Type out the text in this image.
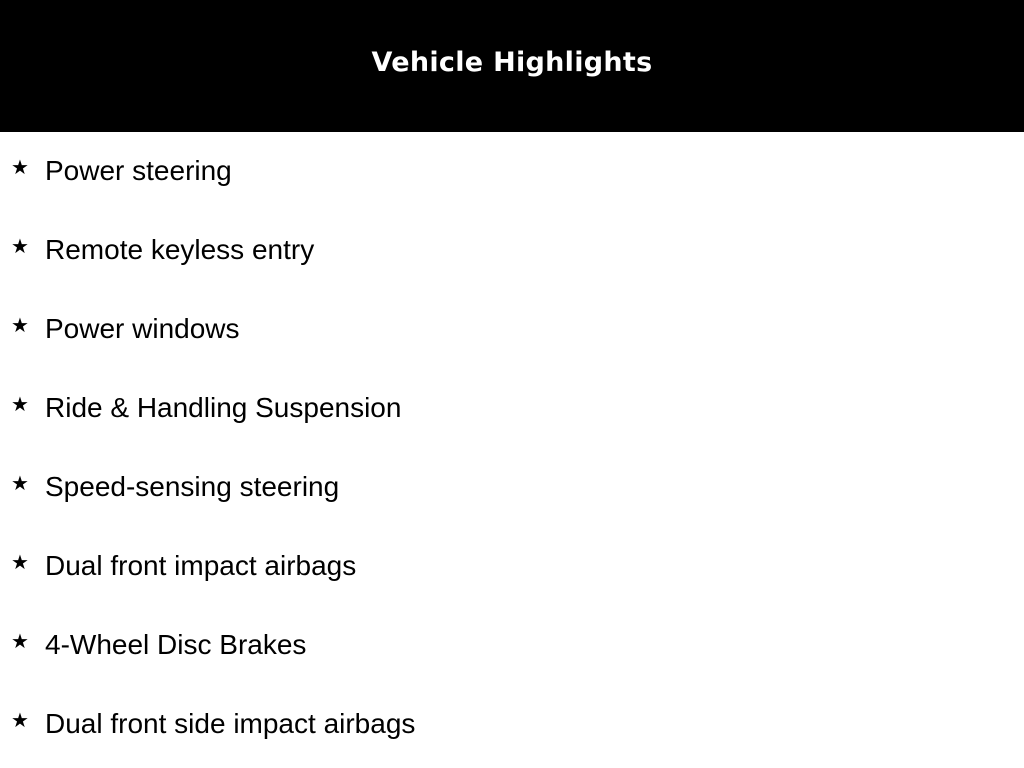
Vehicle Highlights
★ Power steering
★ Remote keyless entry
★ Power windows
★ Ride & Handling Suspension
★ Speed-sensing steering
★ Dual front impact airbags
★ 4-Wheel Disc Brakes
★ Dual front side impact airbags
